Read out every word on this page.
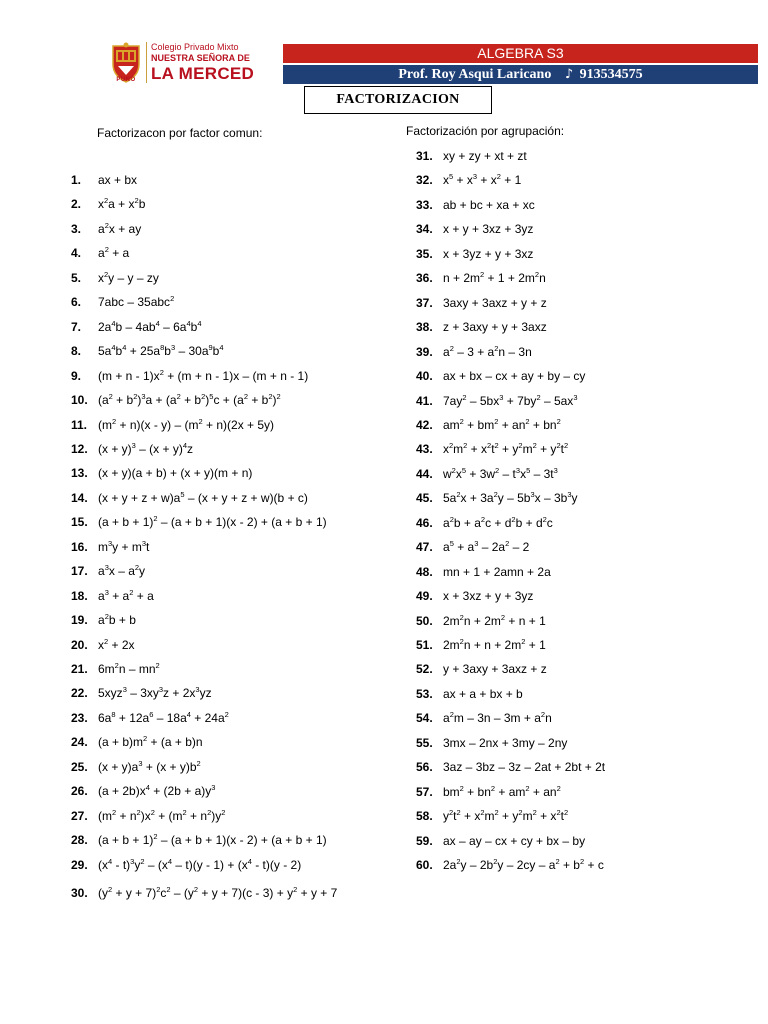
PUNO
Colegio Privado Mixto
NUESTRA SEÑORA DE
LA MERCED
ALGEBRA S3
Prof. Roy Asqui Laricano ♪ 913534575
FACTORIZACION
Factorizacon por factor comun:	Factorización por agrupación:
1. ax + bx
2. $x^2a + x^2b$
3. $a^2x$ + ay
4. $a^2 + a$
5. $x^2y$ – y – zy
6. 7abc – 35abc$^2$
7. $2a^4b - 4ab^4 - 6a^4b^4$
8. $5a^4b^4 + 25a^8b^3 - 30a^9b^4$
9. $(m + n - 1)x^2 + (m + n - 1)x - (m + n - 1)$
10. $(a^2 + b^2)^3a + (a^2 + b^2)^5c + (a^2 + b^2)^2$
11. $(m^2 + n)(x - y) - (m^2 + n)(2x + 5y)$
12. $(x + y)^3 - (x + y)^4z$
13. (x + y)(a + b) + (x + y)(m + n)
14. $(x + y + z + w)a^5 - (x + y + z + w)(b + c)$
15. $(a + b + 1)^2 - (a + b + 1)(x - 2) + (a + b + 1)$
16. $m^3y + m^3t$
17. $a^3x - a^2y$
18. $a^3 + a^2 + a$
19. $a^2b + b$
20. $x^2 + 2x$
21. $6m^2n - mn^2$
22. $5xyz^3 - 3xy^3z + 2x^3yz$
23. $6a^8 + 12a^6 - 18a^4 + 24a^2$
24. $(a + b)m^2 + (a + b)n$
25. $(x + y)a^3 + (x + y)b^2$
26. $(a + 2b)x^4 + (2b + a)y^3$
27. $(m^2 + n^2)x^2 + (m^2 + n^2)y^2$
28. $(a + b + 1)^2 - (a + b + 1)(x - 2) + (a + b + 1)$
29. $(x^4 - t)^3y^2 - (x^4 - t)(y - 1) + (x^4 - t)(y - 2)$
30. $(y^2 + y + 7)^2c^2 - (y^2 + y + 7)(c - 3) + y^2 + y + 7$
31. xy + zy + xt + zt
32. $x^5 + x^3 + x^2 + 1$
33. ab + bc + xa + xc
34. x + y + 3xz + 3yz
35. x + 3yz + y + 3xz
36. $n + 2m^2 + 1 + 2m^2n$
37. 3axy + 3axz + y + z
38. z + 3axy + y + 3axz
39. $a^2 - 3 + a^2n - 3n$
40. ax + bx – cx + ay + by – cy
41. $7ay^2 - 5bx^3 + 7by^2 - 5ax^3$
42. $am^2 + bm^2 + an^2 + bn^2$
43. $x^2m^2 + x^2t^2 + y^2m^2 + y^2t^2$
44. $w^2x^5 + 3w^2 - t^3x^5 - 3t^3$
45. $5a^2x + 3a^2y - 5b^3x - 3b^3y$
46. $a^2b + a^2c + d^2b + d^2c$
47. $a^5 + a^3 - 2a^2 - 2$
48. mn + 1 + 2amn + 2a
49. x + 3xz + y + 3yz
50. $2m^2n + 2m^2 + n + 1$
51. $2m^2n + n + 2m^2 + 1$
52. y + 3axy + 3axz + z
53. ax + a + bx + b
54. $a^2m - 3n - 3m + a^2n$
55. 3mx – 2nx + 3my – 2ny
56. 3az – 3bz – 3z – 2at + 2bt + 2t
57. $bm^2 + bn^2 + am^2 + an^2$
58. $y^2t^2 + x^2m^2 + y^2m^2 + x^2t^2$
59. ax – ay – cx + cy + bx – by
60. $2a^2y - 2b^2y - 2cy - a^2 + b^2 + c$
